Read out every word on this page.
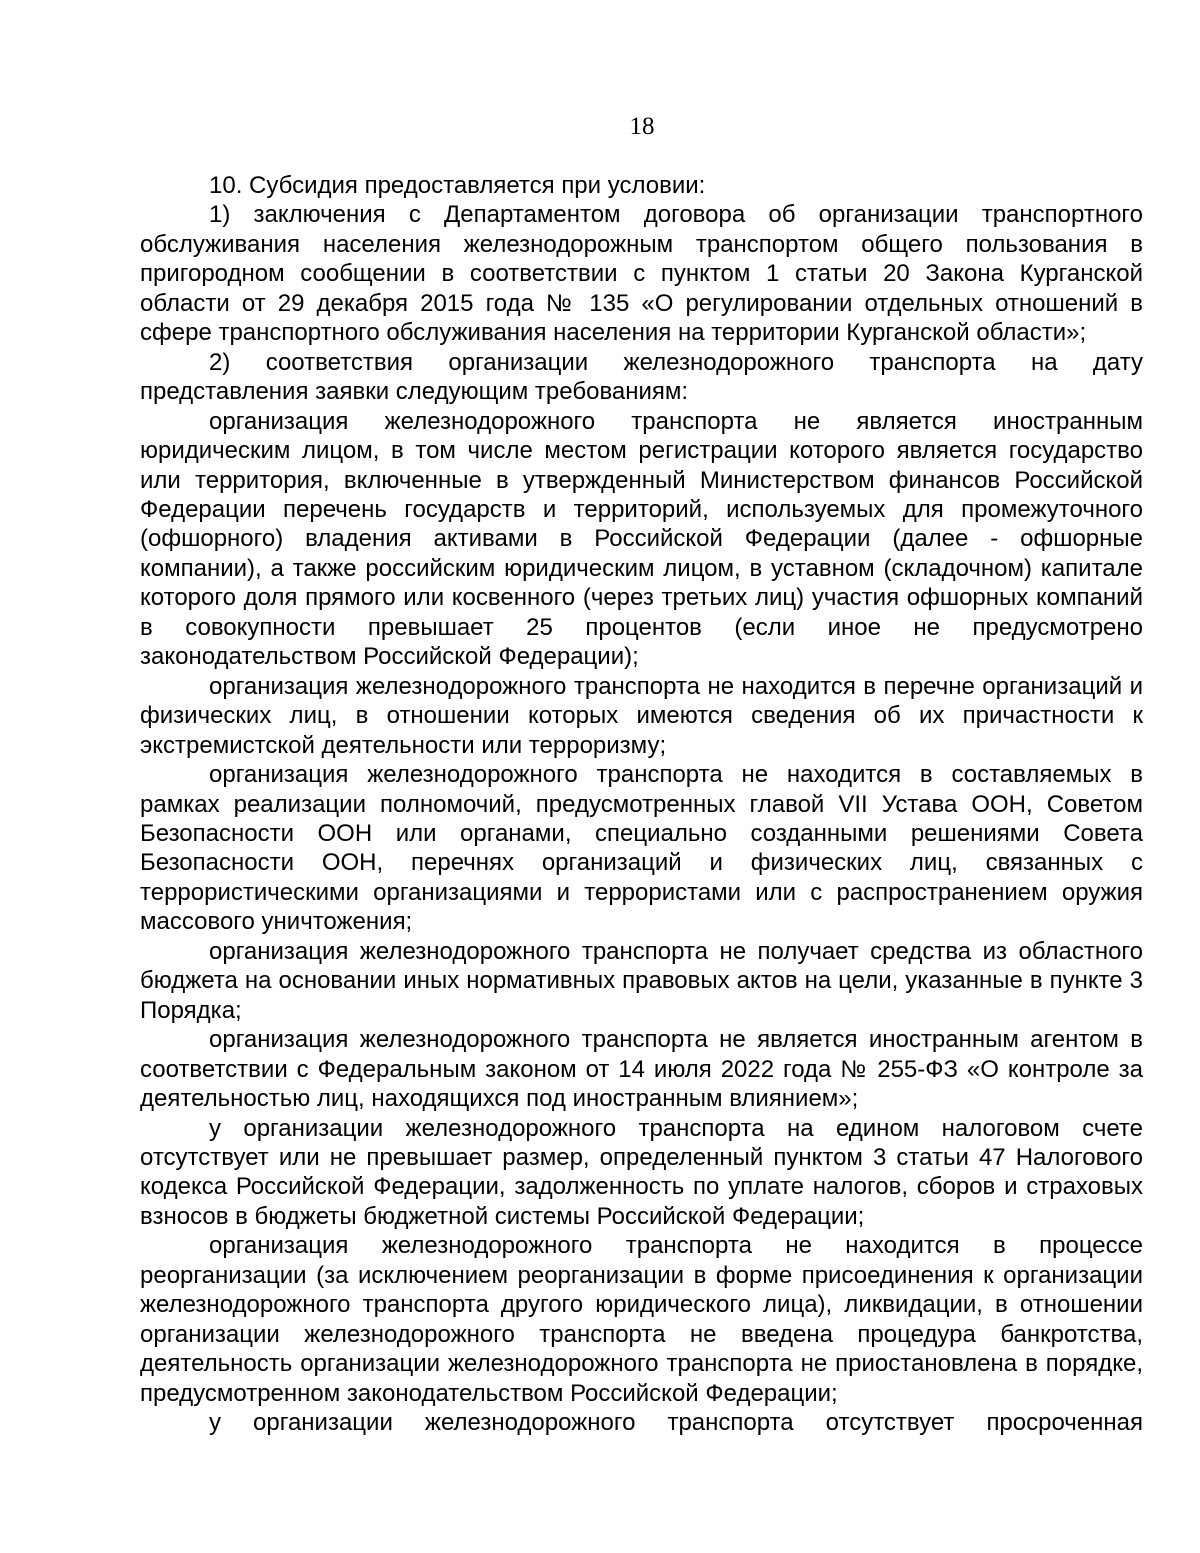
18

10. Субсидия предоставляется при условии:

1) заключения с Департаментом договора об организации транспортного обслуживания населения железнодорожным транспортом общего пользования в пригородном сообщении в соответствии с пунктом 1 статьи 20 Закона Курганской области от 29 декабря 2015 года № 135 «О регулировании отдельных отношений в сфере транспортного обслуживания населения на территории Курганской области»;

2) соответствия организации железнодорожного транспорта на дату представления заявки следующим требованиям:

организация железнодорожного транспорта не является иностранным юридическим лицом, в том числе местом регистрации которого является государство или территория, включенные в утвержденный Министерством финансов Российской Федерации перечень государств и территорий, используемых для промежуточного (офшорного) владения активами в Российской Федерации (далее - офшорные компании), а также российским юридическим лицом, в уставном (складочном) капитале которого доля прямого или косвенного (через третьих лиц) участия офшорных компаний в совокупности превышает 25 процентов (если иное не предусмотрено законодательством Российской Федерации);

организация железнодорожного транспорта не находится в перечне организаций и физических лиц, в отношении которых имеются сведения об их причастности к экстремистской деятельности или терроризму;

организация железнодорожного транспорта не находится в составляемых в рамках реализации полномочий, предусмотренных главой VII Устава ООН, Советом Безопасности ООН или органами, специально созданными решениями Совета Безопасности ООН, перечнях организаций и физических лиц, связанных с террористическими организациями и террористами или с распространением оружия массового уничтожения;

организация железнодорожного транспорта не получает средства из областного бюджета на основании иных нормативных правовых актов на цели, указанные в пункте 3 Порядка;

организация железнодорожного транспорта не является иностранным агентом в соответствии с Федеральным законом от 14 июля 2022 года № 255-ФЗ «О контроле за деятельностью лиц, находящихся под иностранным влиянием»;

у организации железнодорожного транспорта на едином налоговом счете отсутствует или не превышает размер, определенный пунктом 3 статьи 47 Налогового кодекса Российской Федерации, задолженность по уплате налогов, сборов и страховых взносов в бюджеты бюджетной системы Российской Федерации;

организация железнодорожного транспорта не находится в процессе реорганизации (за исключением реорганизации в форме присоединения к организации железнодорожного транспорта другого юридического лица), ликвидации, в отношении организации железнодорожного транспорта не введена процедура банкротства, деятельность организации железнодорожного транспорта не приостановлена в порядке, предусмотренном законодательством Российской Федерации;

у организации железнодорожного транспорта отсутствует просроченная
